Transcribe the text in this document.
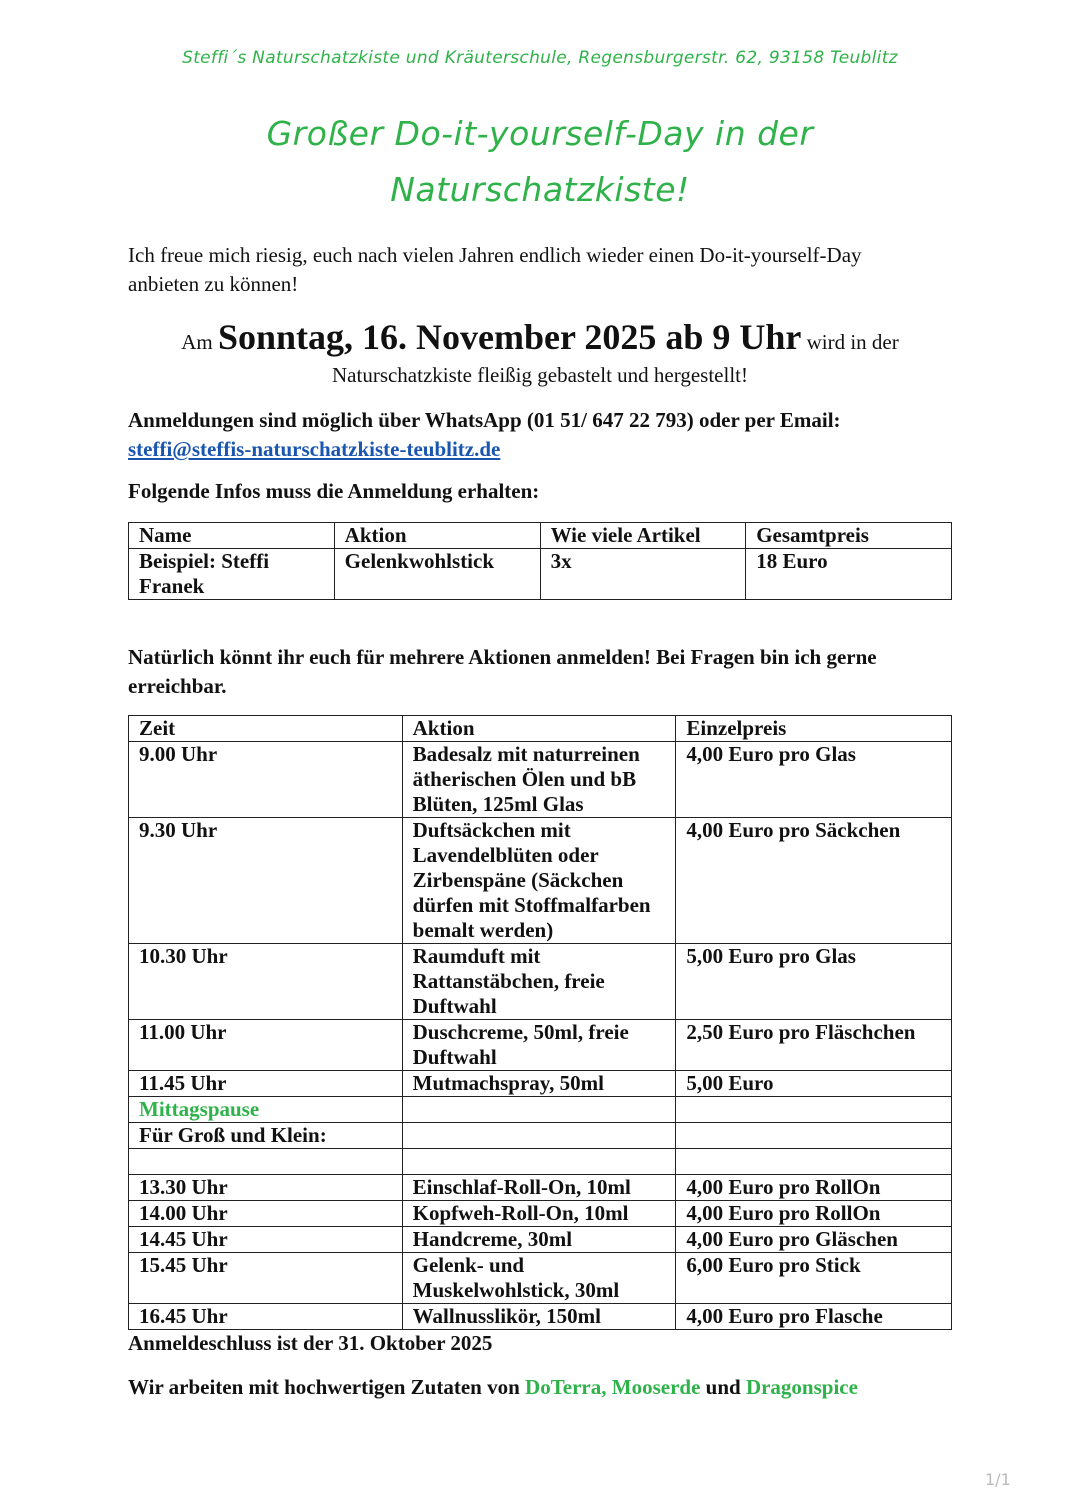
Steffi´s Naturschatzkiste und Kräuterschule, Regensburgerstr. 62, 93158 Teublitz
Großer Do-it-yourself-Day in der
Naturschatzkiste!
Ich freue mich riesig, euch nach vielen Jahren endlich wieder einen Do-it-yourself-Day anbieten zu können!
Am Sonntag, 16. November 2025 ab 9 Uhr wird in der
Naturschatzkiste fleißig gebastelt und hergestellt!
Anmeldungen sind möglich über WhatsApp (01 51/ 647 22 793) oder per Email:
steffi@steffis-naturschatzkiste-teublitz.de
Folgende Infos muss die Anmeldung erhalten:
Name	Aktion	Wie viele Artikel	Gesamtpreis
Beispiel: Steffi Franek	Gelenkwohlstick	3x	18 Euro
Natürlich könnt ihr euch für mehrere Aktionen anmelden! Bei Fragen bin ich gerne erreichbar.
Zeit	Aktion	Einzelpreis
9.00 Uhr	Badesalz mit naturreinen ätherischen Ölen und bB Blüten, 125ml Glas	4,00 Euro pro Glas
9.30 Uhr	Duftsäckchen mit Lavendelblüten oder Zirbenspäne (Säckchen dürfen mit Stoffmalfarben bemalt werden)	4,00 Euro pro Säckchen
10.30 Uhr	Raumduft mit Rattanstäbchen, freie Duftwahl	5,00 Euro pro Glas
11.00 Uhr	Duschcreme, 50ml, freie Duftwahl	2,50 Euro pro Fläschchen
11.45 Uhr	Mutmachspray, 50ml	5,00 Euro
Mittagspause		
Für Groß und Klein:		

13.30 Uhr	Einschlaf-Roll-On, 10ml	4,00 Euro pro RollOn
14.00 Uhr	Kopfweh-Roll-On, 10ml	4,00 Euro pro RollOn
14.45 Uhr	Handcreme, 30ml	4,00 Euro pro Gläschen
15.45 Uhr	Gelenk- und Muskelwohlstick, 30ml	6,00 Euro pro Stick
16.45 Uhr	Wallnusslikör, 150ml	4,00 Euro pro Flasche
Anmeldeschluss ist der 31. Oktober 2025
Wir arbeiten mit hochwertigen Zutaten von DoTerra, Mooserde und Dragonspice
1/1
